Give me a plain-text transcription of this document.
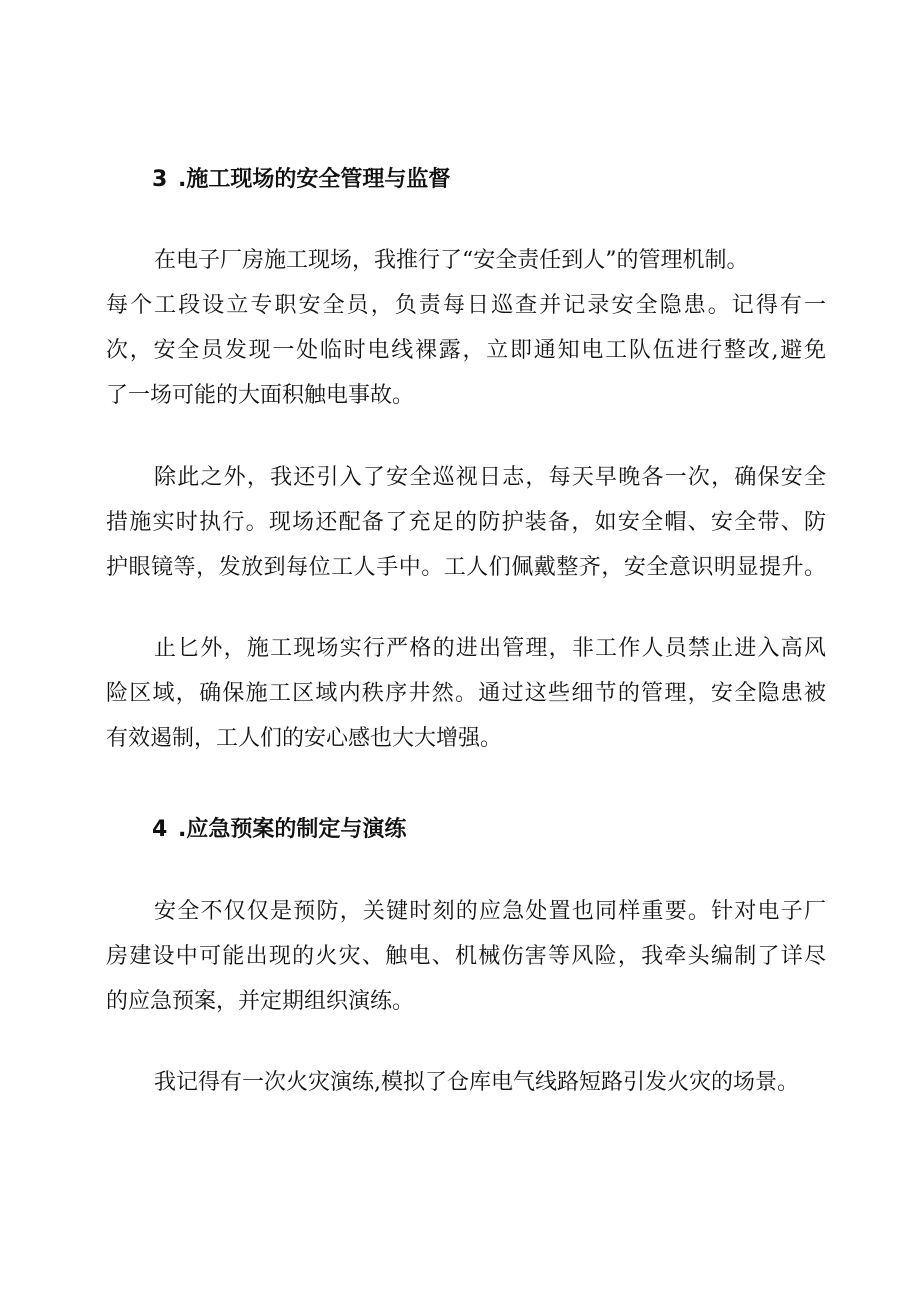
3 .施工现场的安全管理与监督
在电子厂房施工现场，我推行了“安全责任到人”的管理机制。
每个工段设立专职安全员，负责每日巡查并记录安全隐患。记得有一
次，安全员发现一处临时电线裸露，立即通知电工队伍进行整改,避免
了一场可能的大面积触电事故。
除此之外，我还引入了安全巡视日志，每天早晚各一次，确保安全
措施实时执行。现场还配备了充足的防护装备，如安全帽、安全带、防
护眼镜等，发放到每位工人手中。工人们佩戴整齐，安全意识明显提升。
止匕外，施工现场实行严格的进出管理，非工作人员禁止进入高风
险区域，确保施工区域内秩序井然。通过这些细节的管理，安全隐患被
有效遏制，工人们的安心感也大大增强。
4 .应急预案的制定与演练
安全不仅仅是预防，关键时刻的应急处置也同样重要。针对电子厂
房建设中可能出现的火灾、触电、机械伤害等风险，我牵头编制了详尽
的应急预案，并定期组织演练。
我记得有一次火灾演练,模拟了仓库电气线路短路引发火灾的场景。
